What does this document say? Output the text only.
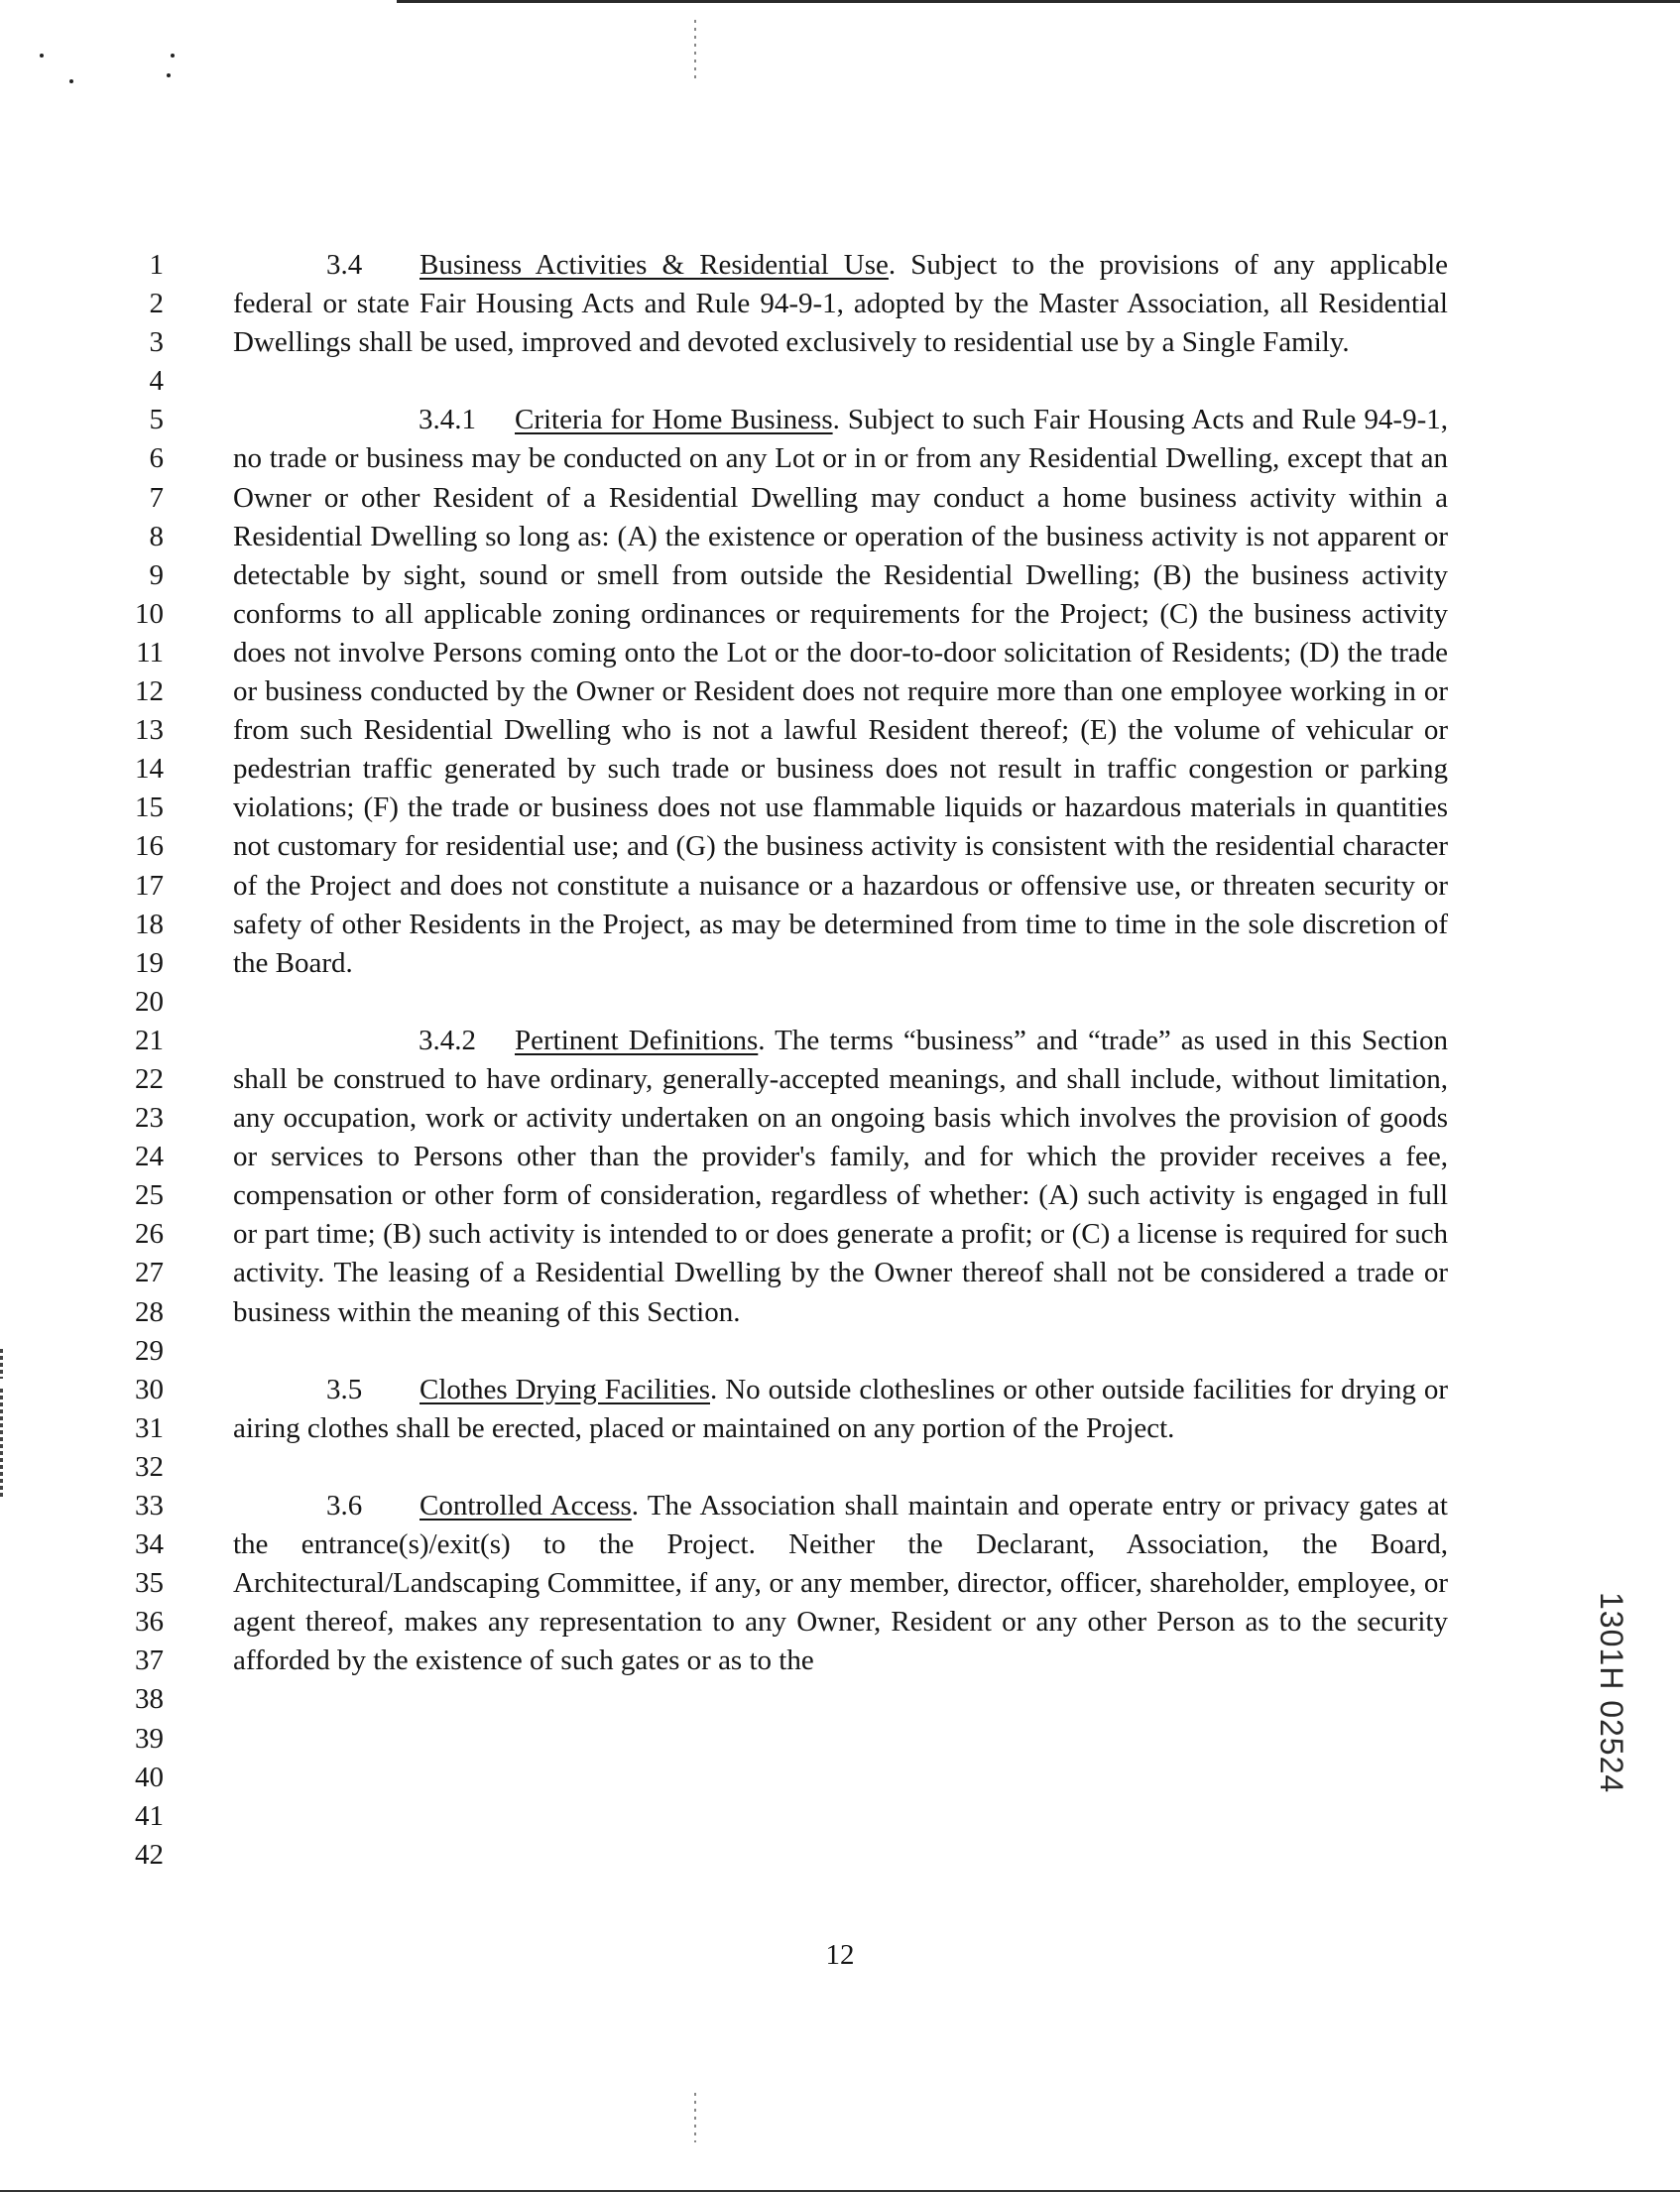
1
2
3
4
5
6
7
8
9
10
11
12
13
14
15
16
17
18
19
20
21
22
23
24
25
26
27
28
29
30
31
32
33
34
35
36
37
38
39
40
41
42

3.4 Business Activities & Residential Use. Subject to the provisions of any applicable federal or state Fair Housing Acts and Rule 94-9-1, adopted by the Master Association, all Residential Dwellings shall be used, improved and devoted exclusively to residential use by a Single Family.

3.4.1 Criteria for Home Business. Subject to such Fair Housing Acts and Rule 94-9-1, no trade or business may be conducted on any Lot or in or from any Residential Dwelling, except that an Owner or other Resident of a Residential Dwelling may conduct a home business activity within a Residential Dwelling so long as: (A) the existence or operation of the business activity is not apparent or detectable by sight, sound or smell from outside the Residential Dwelling; (B) the business activity conforms to all applicable zoning ordinances or requirements for the Project; (C) the business activity does not involve Persons coming onto the Lot or the door-to-door solicitation of Residents; (D) the trade or business conducted by the Owner or Resident does not require more than one employee working in or from such Residential Dwelling who is not a lawful Resident thereof; (E) the volume of vehicular or pedestrian traffic generated by such trade or business does not result in traffic congestion or parking violations; (F) the trade or business does not use flammable liquids or hazardous materials in quantities not customary for residential use; and (G) the business activity is consistent with the residential character of the Project and does not constitute a nuisance or a hazardous or offensive use, or threaten security or safety of other Residents in the Project, as may be determined from time to time in the sole discretion of the Board.

3.4.2 Pertinent Definitions. The terms “business” and “trade” as used in this Section shall be construed to have ordinary, generally-accepted meanings, and shall include, without limitation, any occupation, work or activity undertaken on an ongoing basis which involves the provision of goods or services to Persons other than the provider's family, and for which the provider receives a fee, compensation or other form of consideration, regardless of whether: (A) such activity is engaged in full or part time; (B) such activity is intended to or does generate a profit; or (C) a license is required for such activity. The leasing of a Residential Dwelling by the Owner thereof shall not be considered a trade or business within the meaning of this Section.

3.5 Clothes Drying Facilities. No outside clotheslines or other outside facilities for drying or airing clothes shall be erected, placed or maintained on any portion of the Project.

3.6 Controlled Access. The Association shall maintain and operate entry or privacy gates at the entrance(s)/exit(s) to the Project. Neither the Declarant, Association, the Board, Architectural/Landscaping Committee, if any, or any member, director, officer, shareholder, employee, or agent thereof, makes any representation to any Owner, Resident or any other Person as to the security afforded by the existence of such gates or as to the

12
1301H 02524
